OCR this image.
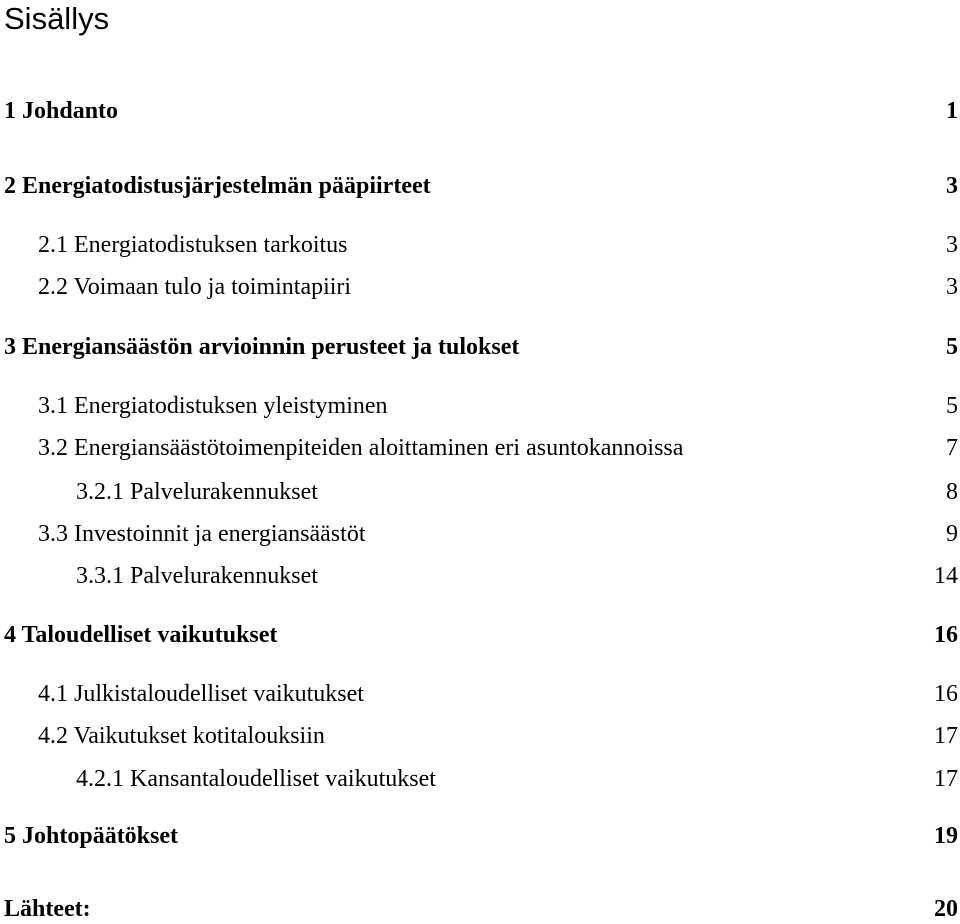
Sisällys
1 Johdanto	1
2 Energiatodistusjärjestelmän pääpiirteet	3
2.1 Energiatodistuksen tarkoitus	3
2.2 Voimaan tulo ja toimintapiiri	3
3 Energiansäästön arvioinnin perusteet ja tulokset	5
3.1 Energiatodistuksen yleistyminen	5
3.2 Energiansäästötoimenpiteiden aloittaminen eri asuntokannoissa	7
3.2.1 Palvelurakennukset	8
3.3 Investoinnit ja energiansäästöt	9
3.3.1 Palvelurakennukset	14
4 Taloudelliset vaikutukset	16
4.1 Julkistaloudelliset vaikutukset	16
4.2 Vaikutukset kotitalouksiin	17
4.2.1 Kansantaloudelliset vaikutukset	17
5 Johtopäätökset	19
Lähteet:	20
